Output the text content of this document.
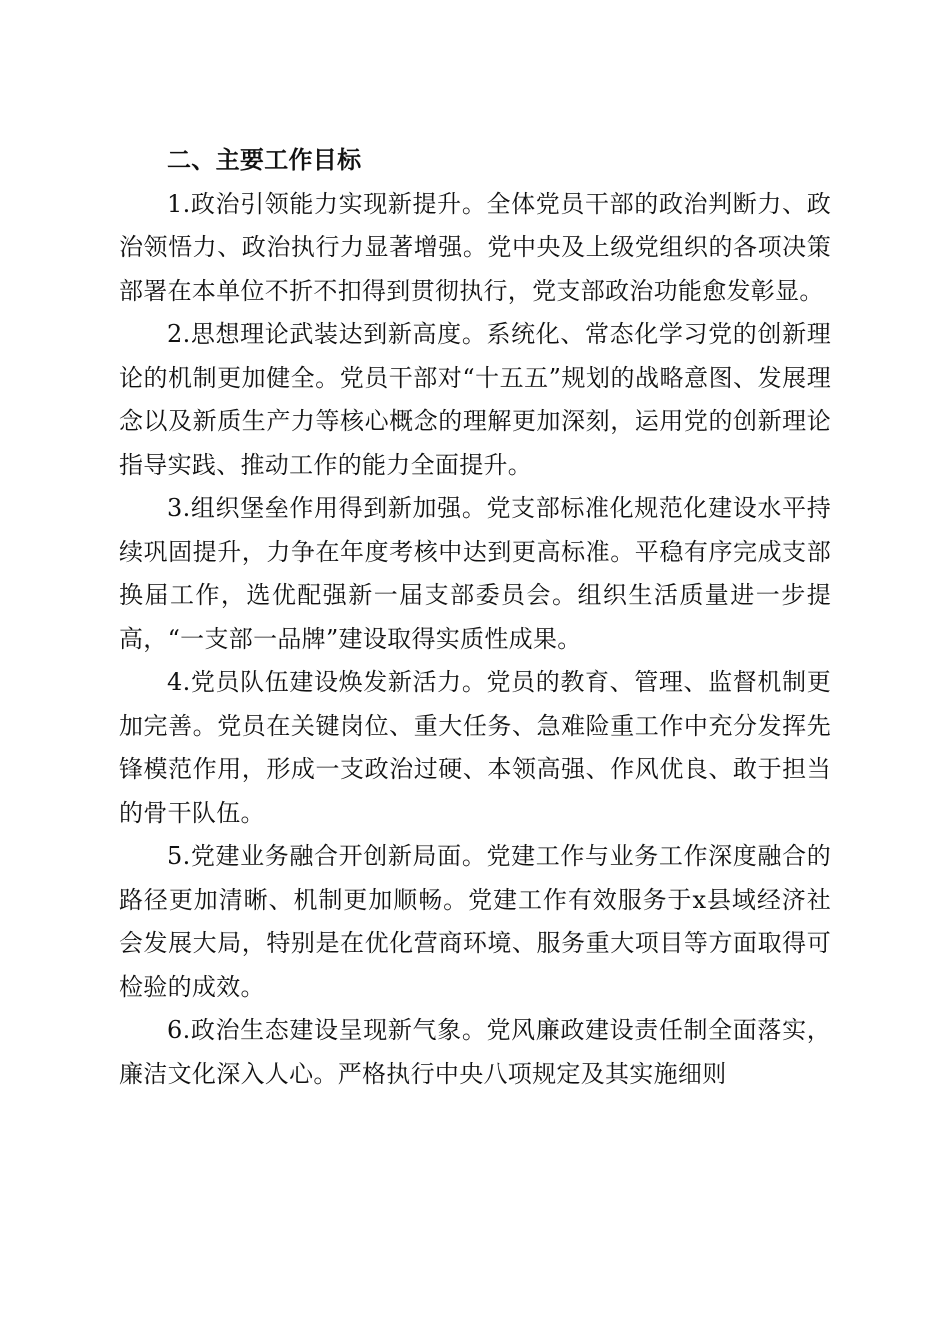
二、主要工作目标

1.政治引领能力实现新提升。全体党员干部的政治判断力、政治领悟力、政治执行力显著增强。党中央及上级党组织的各项决策部署在本单位不折不扣得到贯彻执行，党支部政治功能愈发彰显。

2.思想理论武装达到新高度。系统化、常态化学习党的创新理论的机制更加健全。党员干部对“十五五”规划的战略意图、发展理念以及新质生产力等核心概念的理解更加深刻，运用党的创新理论指导实践、推动工作的能力全面提升。

3.组织堡垒作用得到新加强。党支部标准化规范化建设水平持续巩固提升，力争在年度考核中达到更高标准。平稳有序完成支部换届工作，选优配强新一届支部委员会。组织生活质量进一步提高，“一支部一品牌”建设取得实质性成果。

4.党员队伍建设焕发新活力。党员的教育、管理、监督机制更加完善。党员在关键岗位、重大任务、急难险重工作中充分发挥先锋模范作用，形成一支政治过硬、本领高强、作风优良、敢于担当的骨干队伍。

5.党建业务融合开创新局面。党建工作与业务工作深度融合的路径更加清晰、机制更加顺畅。党建工作有效服务于x县域经济社会发展大局，特别是在优化营商环境、服务重大项目等方面取得可检验的成效。

6.政治生态建设呈现新气象。党风廉政建设责任制全面落实，廉洁文化深入人心。严格执行中央八项规定及其实施细则
